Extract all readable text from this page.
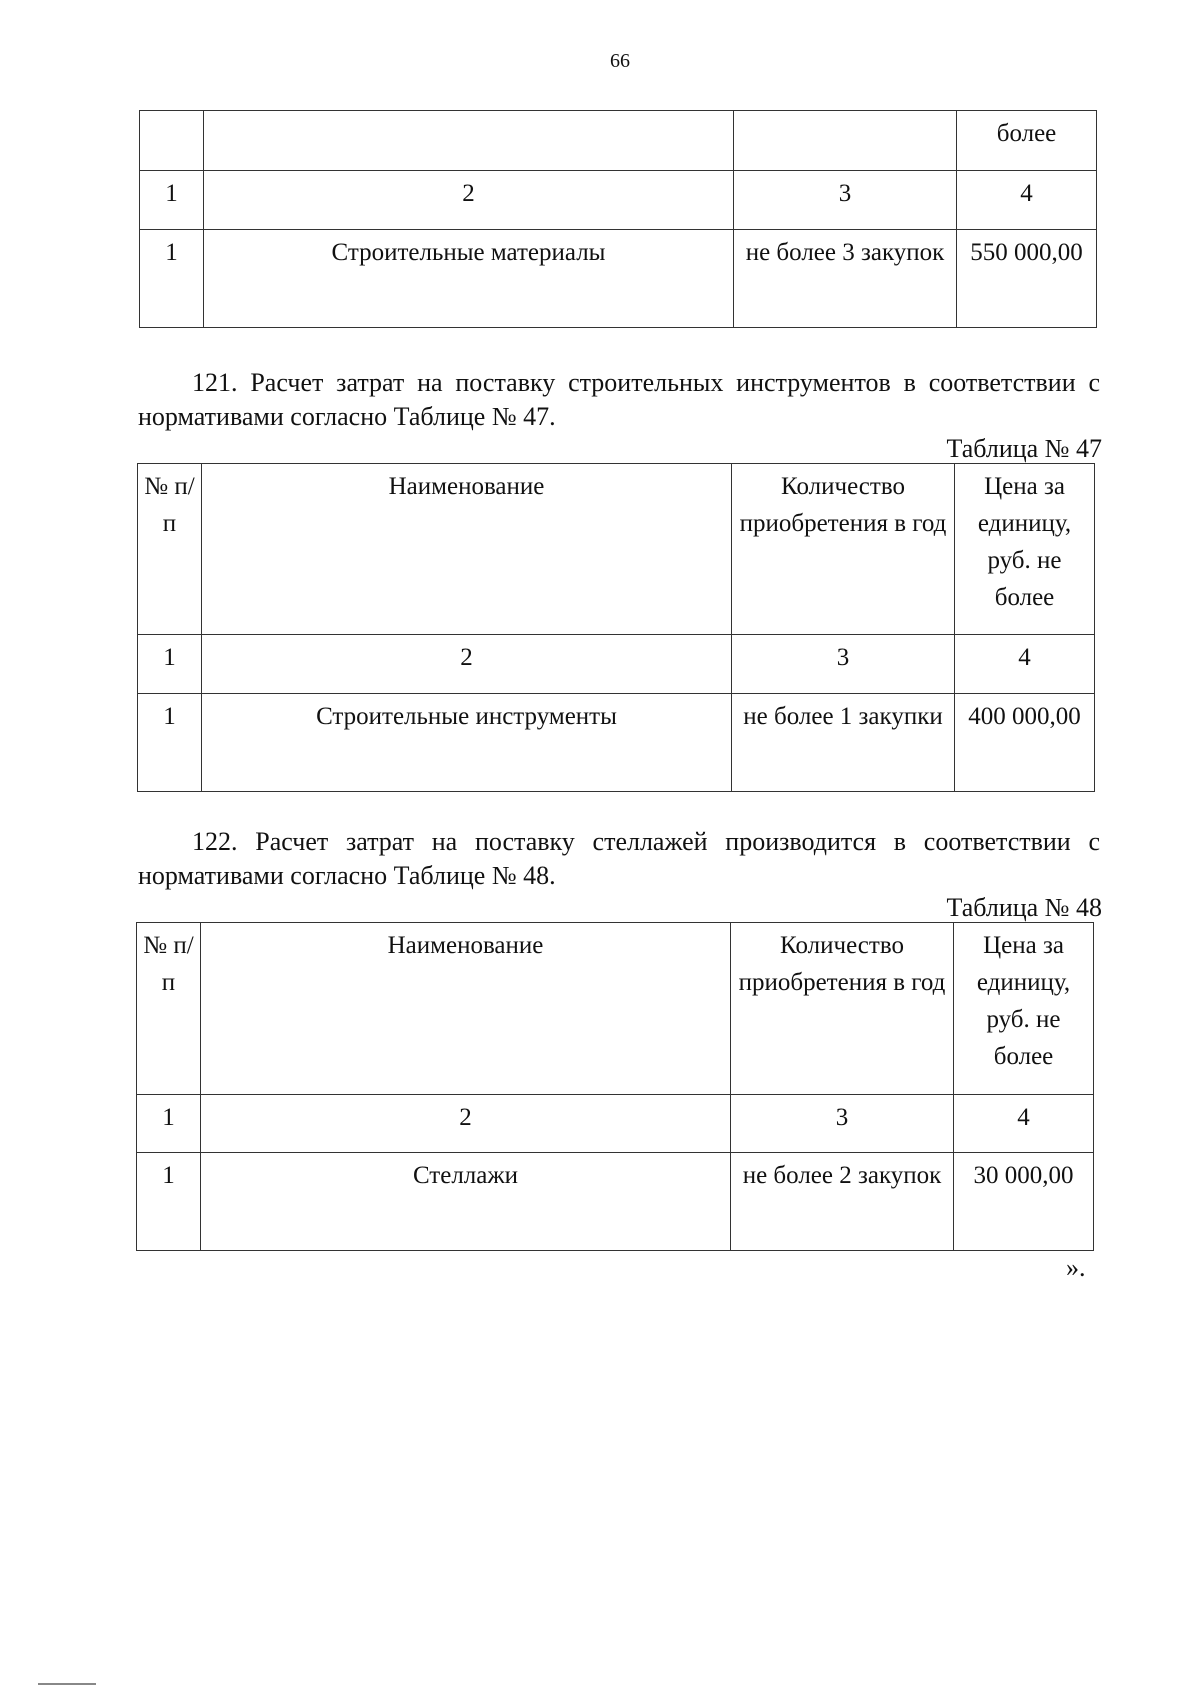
66
			более
1	2	3	4
1	Строительные материалы	не более 3 закупок	550 000,00
121. Расчет затрат на поставку строительных инструментов в соответствии с нормативами согласно Таблице № 47.
Таблица № 47
№ п/п	Наименование	Количество приобретения в год	Цена за единицу, руб. не более
1	2	3	4
1	Строительные инструменты	не более 1 закупки	400 000,00
122. Расчет затрат на поставку стеллажей производится в соответствии с нормативами согласно Таблице № 48.
Таблица № 48
№ п/п	Наименование	Количество приобретения в год	Цена за единицу, руб. не более
1	2	3	4
1	Стеллажи	не более 2 закупок	30 000,00
».
